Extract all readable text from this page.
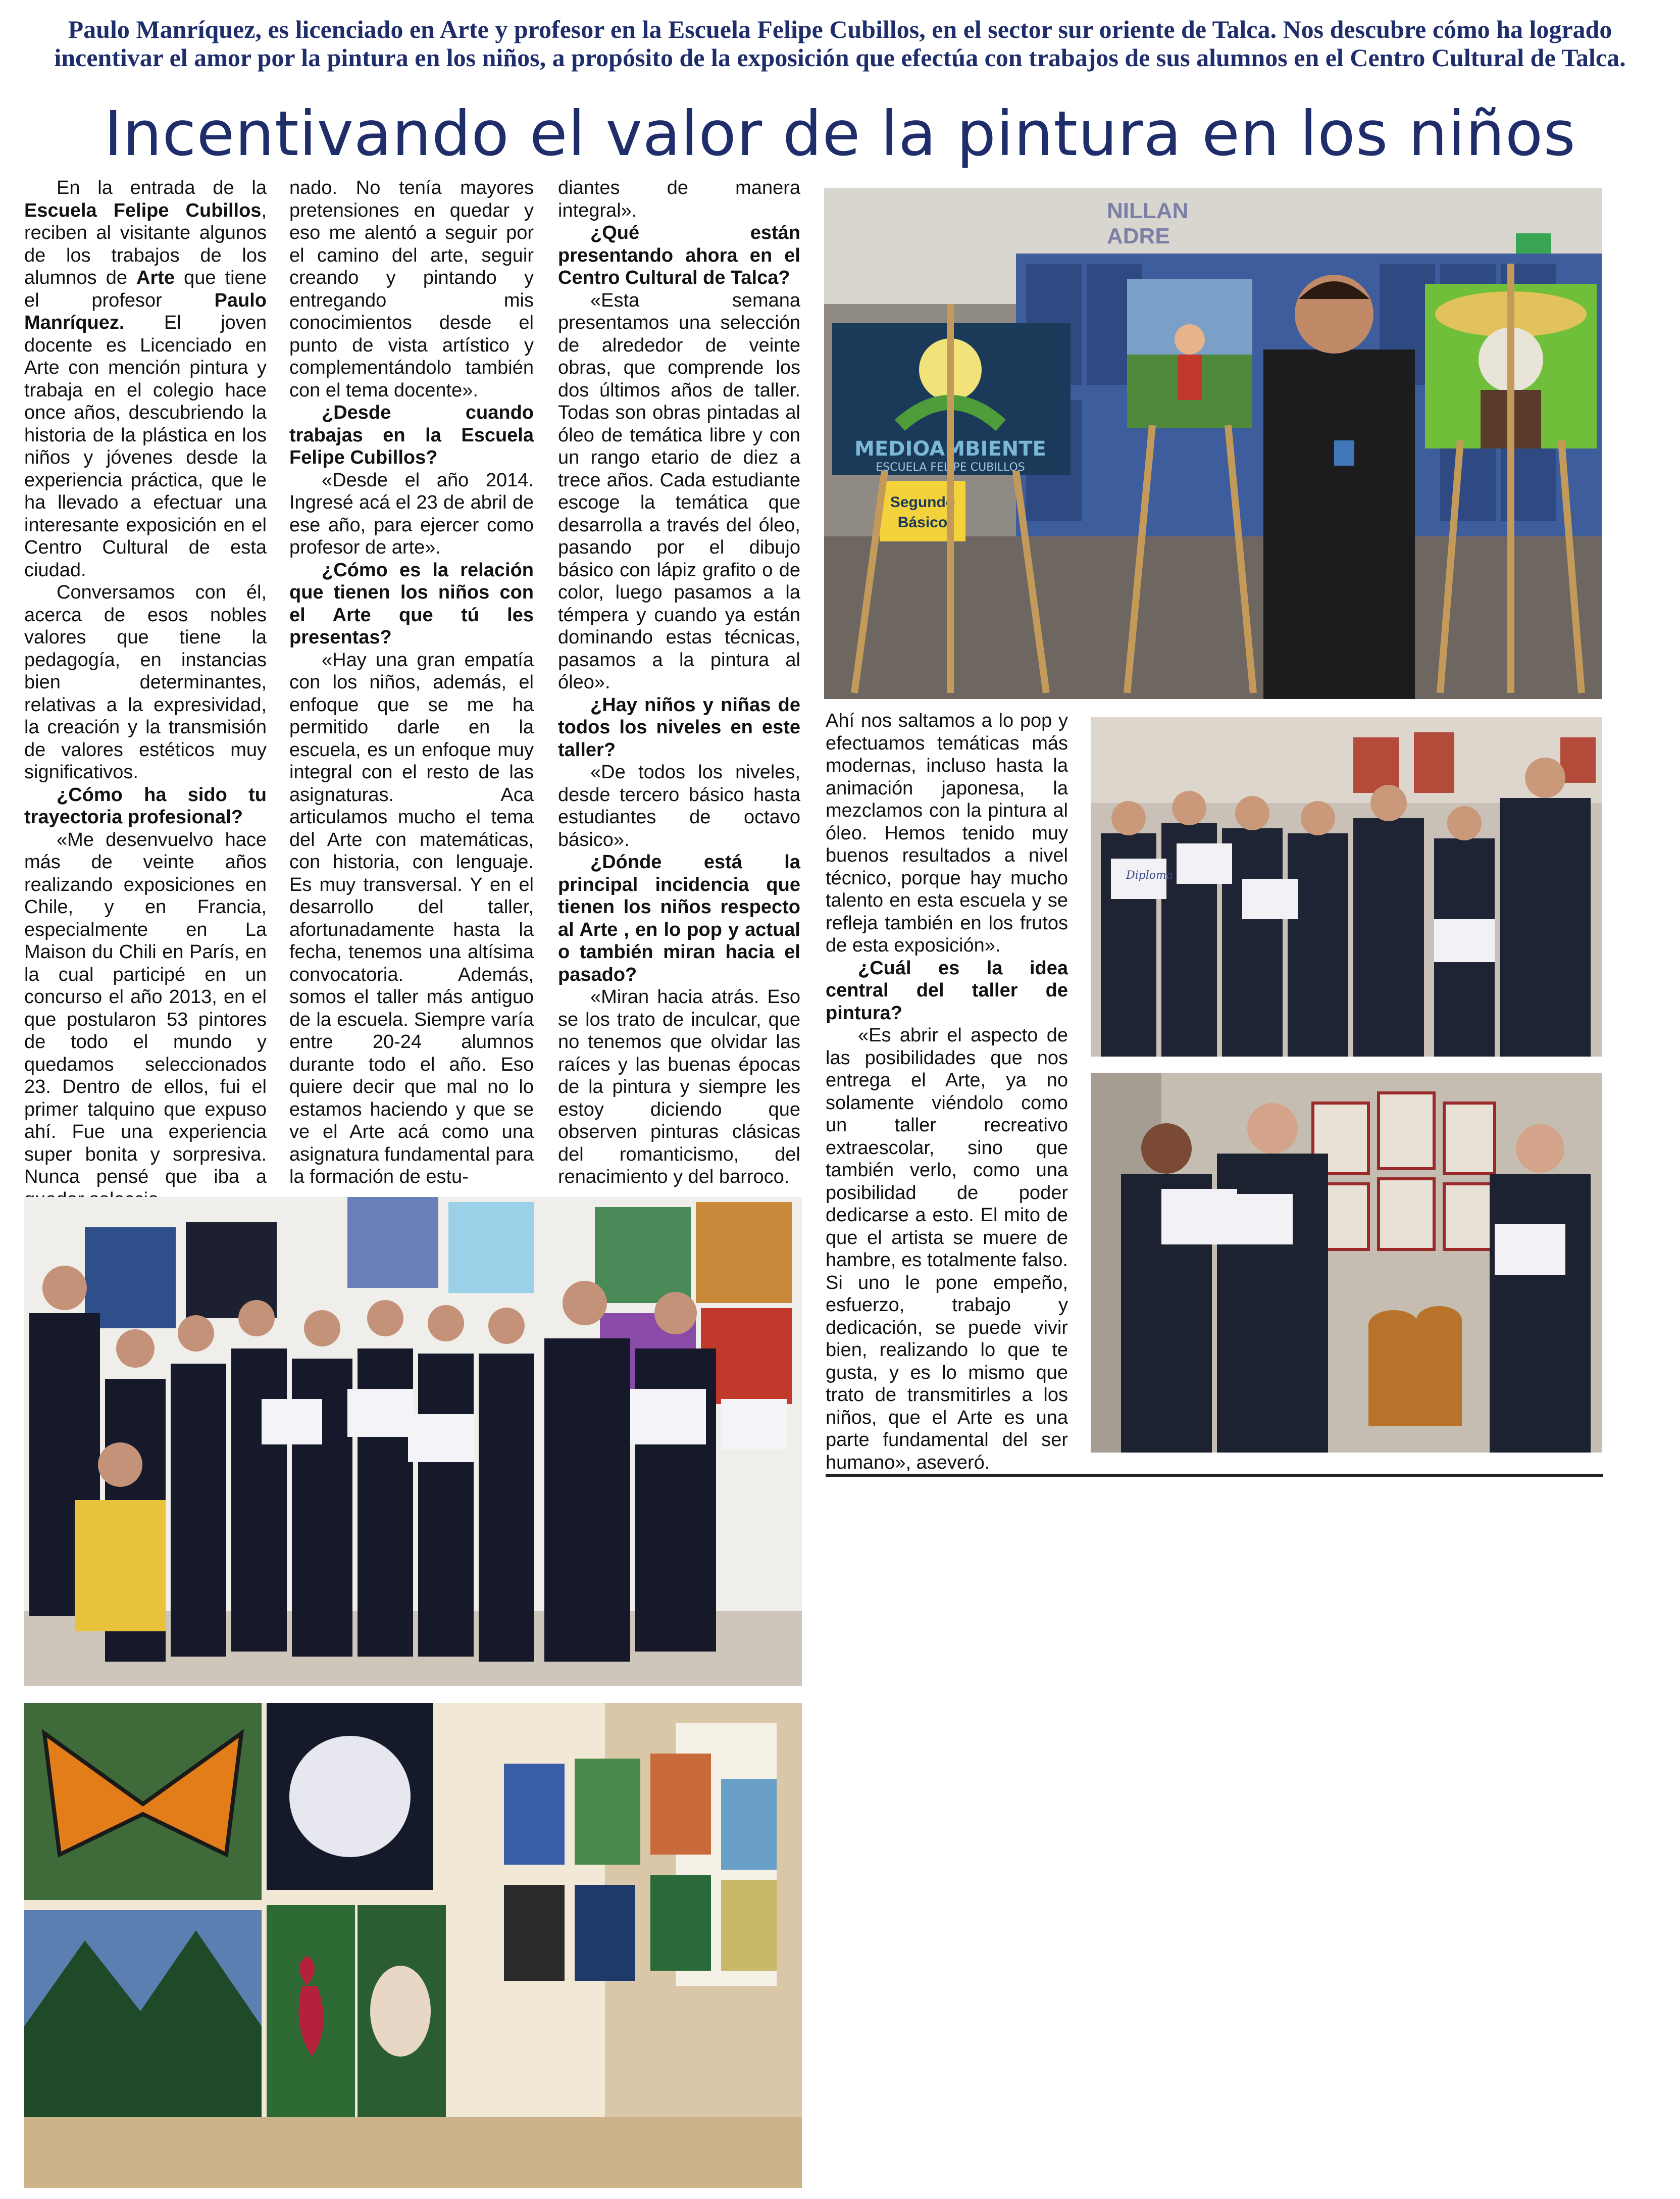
Paulo Manríquez, es licenciado en Arte y profesor en la Escuela Felipe Cubillos, en el sector sur oriente de Talca. Nos descubre cómo ha logrado incentivar el amor por la pintura en los niños, a propósito de la exposición que efectúa con trabajos de sus alumnos en el Centro Cultural de Talca.
Incentivando el valor de la pintura en los niños

En la entrada de la Escuela Felipe Cubillos, reciben al visitante algunos de los trabajos de los alumnos de Arte que tiene el profesor Paulo Manríquez. El joven docente es Licenciado en Arte con mención pintura y trabaja en el colegio hace once años, descubriendo la historia de la plástica en los niños y jóvenes desde la experiencia práctica, que le ha llevado a efectuar una interesante exposición en el Centro Cultural de esta ciudad.

Conversamos con él, acerca de esos nobles valores que tiene la pedagogía, en instancias bien determinantes, relativas a la expresividad, la creación y la transmisión de valores estéticos muy significativos.

¿Cómo ha sido tu trayectoria profesional?

«Me desenvuelvo hace más de veinte años realizando exposiciones en Chile, y en Francia, especialmente en La Maison du Chili en París, en la cual participé en un concurso el año 2013, en el que postularon 53 pintores de todo el mundo y quedamos seleccionados 23. Dentro de ellos, fui el primer talquino que expuso ahí. Fue una experiencia super bonita y sorpresiva. Nunca pensé que iba a

nado. No tenía mayores pretensiones en quedar y eso me alentó a seguir por el camino del arte, seguir creando y pintando y entregando mis conocimientos desde el punto de vista artístico y complementándolo también con el tema docente».

¿Desde cuando trabajas en la Escuela Felipe Cubillos?

«Desde el año 2014. Ingresé acá el 23 de abril de ese año, para ejercer como profesor de arte».

¿Cómo es la relación que tienen los niños con el Arte que tú les presentas?

«Hay una gran empatía con los niños, además, el enfoque que se me ha permitido darle en la escuela, es un enfoque muy integral con el resto de las asignaturas. Aca articulamos mucho el tema del Arte con matemáticas, con historia, con lenguaje. Es muy transversal. Y en el desarrollo del taller, afortunadamente hasta la fecha, tenemos una altísima convocatoria. Además, somos el taller más antiguo de la escuela. Siempre varía entre 20-24 alumnos durante todo el año. Eso quiere decir que mal no lo estamos haciendo y que se ve el Arte acá como una asignatura fundamental para la formación de estu-

diantes de manera integral».

¿Qué están presentando ahora en el Centro Cultural de Talca?

«Esta semana presentamos una selección de alrededor de veinte obras, que comprende los dos últimos años de taller. Todas son obras pintadas al óleo de temática libre y con un rango etario de diez a trece años. Cada estudiante escoge la temática que desarrolla a través del óleo, pasando por el dibujo básico con lápiz grafito o de color, luego pasamos a la témpera y cuando ya están dominando estas técnicas, pasamos a la pintura al óleo».

¿Hay niños y niñas de todos los niveles en este taller?

«De todos los niveles, desde tercero básico hasta estudiantes de octavo básico».

¿Dónde está la principal incidencia que tienen los niños respecto al Arte , en lo pop y actual o también miran hacia el pasado?

«Miran hacia atrás. Eso se los trato de inculcar, que no tenemos que olvidar las raíces y las buenas épocas de la pintura y siempre les estoy diciendo que observen pinturas clásicas del romanticismo, del renacimiento y del barroco.

Ahí nos saltamos a lo pop y efectuamos temáticas más modernas, incluso hasta la animación japonesa, la mezclamos con la pintura al óleo. Hemos tenido muy buenos resultados a nivel técnico, porque hay mucho talento en esta escuela y se refleja también en los frutos de esta exposición».

¿Cuál es la idea central del taller de pintura?

«Es abrir el aspecto de las posibilidades que nos entrega el Arte, ya no solamente viéndolo como un taller recreativo extraescolar, sino que también verlo, como una posibilidad de poder dedicarse a esto. El mito de que el artista se muere de hambre, es totalmente falso. Si uno le pone empeño, esfuerzo, trabajo y dedicación, se puede vivir bien, realizando lo que te gusta, y es lo mismo que trato de transmitirles a los niños, que el Arte es una parte fundamental del ser humano», aseveró.

MEDIOAMBIENTE
ESCUELA FELIPE CUBILLOS
Segundo
Básico
NILLAN
ADRE
Diploma
